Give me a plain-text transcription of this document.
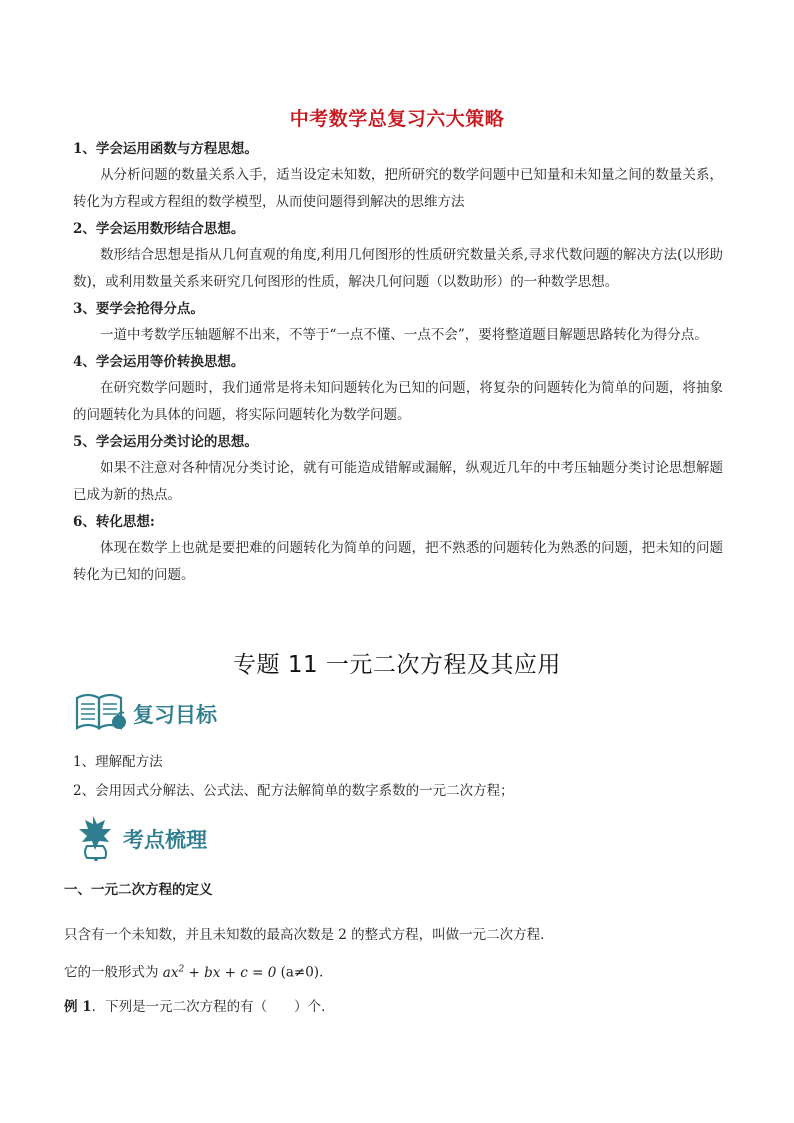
中考数学总复习六大策略

1、学会运用函数与方程思想。

从分析问题的数量关系入手，适当设定未知数，把所研究的数学问题中已知量和未知量之间的数量关系，转化为方程或方程组的数学模型，从而使问题得到解决的思维方法

2、学会运用数形结合思想。

数形结合思想是指从几何直观的角度,利用几何图形的性质研究数量关系,寻求代数问题的解决方法(以形助数)，或利用数量关系来研究几何图形的性质，解决几何问题（以数助形）的一种数学思想。

3、要学会抢得分点。

一道中考数学压轴题解不出来，不等于“一点不懂、一点不会”，要将整道题目解题思路转化为得分点。

4、学会运用等价转换思想。

在研究数学问题时，我们通常是将未知问题转化为已知的问题，将复杂的问题转化为简单的问题，将抽象的问题转化为具体的问题，将实际问题转化为数学问题。

5、学会运用分类讨论的思想。

如果不注意对各种情况分类讨论，就有可能造成错解或漏解，纵观近几年的中考压轴题分类讨论思想解题已成为新的热点。

6、转化思想:

体现在数学上也就是要把难的问题转化为简单的问题，把不熟悉的问题转化为熟悉的问题，把未知的问题转化为已知的问题。

专题 11 一元二次方程及其应用
复习目标

1、理解配方法

2、会用因式分解法、公式法、配方法解简单的数字系数的一元二次方程；

考点梳理

一、一元二次方程的定义

只含有一个未知数，并且未知数的最高次数是 2 的整式方程，叫做一元二次方程．

它的一般形式为 $ax^2$ + bx + c = 0 (a≠0)．

例 1．下列是一元二次方程的有（　　）个．
